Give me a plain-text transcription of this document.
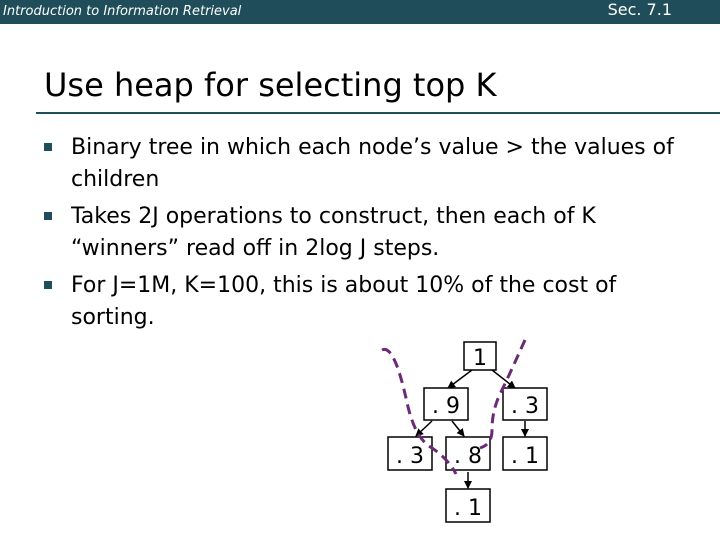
Introduction to Information Retrieval	Sec. 7.1
Use heap for selecting top K
Binary tree in which each node’s value > the values of children
Takes 2J operations to construct, then each of K “winners” read off in 2log J steps.
For J=1M, K=100, this is about 10% of the cost of sorting.
1
. 9 . 3
. 3 . 8 . 1
. 1
